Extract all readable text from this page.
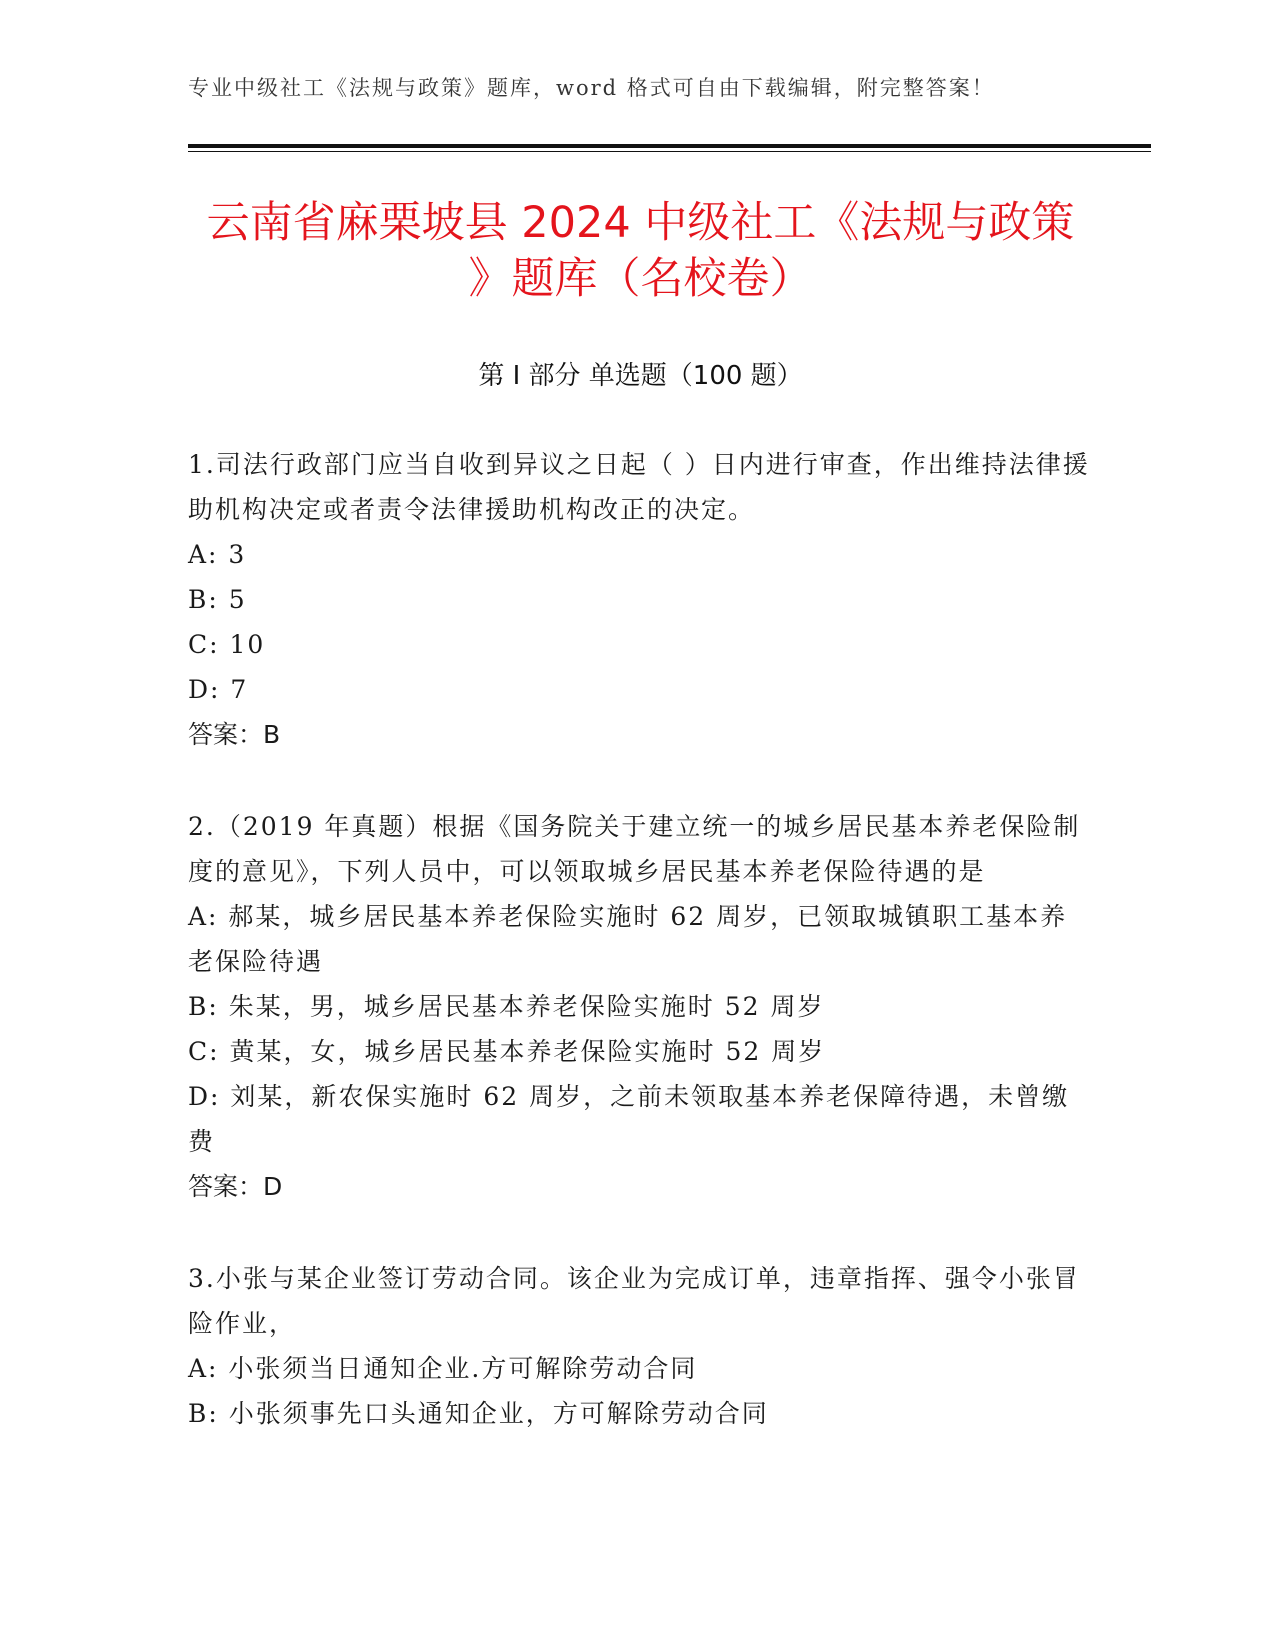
专业中级社工《法规与政策》题库，word 格式可自由下载编辑，附完整答案！
云南省麻栗坡县 2024 中级社工《法规与政策
》题库（名校卷）
第 I 部分 单选题（100 题）

1.司法行政部门应当自收到异议之日起（ ）日内进行审查，作出维持法律援助机构决定或者责令法律援助机构改正的决定。

A: 3

B: 5

C: 10

D: 7

答案：B

2.（2019 年真题）根据《国务院关于建立统一的城乡居民基本养老保险制度的意见》，下列人员中，可以领取城乡居民基本养老保险待遇的是

A: 郝某，城乡居民基本养老保险实施时 62 周岁，已领取城镇职工基本养老保险待遇

B: 朱某，男，城乡居民基本养老保险实施时 52 周岁

C: 黄某，女，城乡居民基本养老保险实施时 52 周岁

D: 刘某，新农保实施时 62 周岁，之前未领取基本养老保障待遇，未曾缴费

答案：D

3.小张与某企业签订劳动合同。该企业为完成订单，违章指挥、强令小张冒险作业，

A: 小张须当日通知企业.方可解除劳动合同

B: 小张须事先口头通知企业，方可解除劳动合同
